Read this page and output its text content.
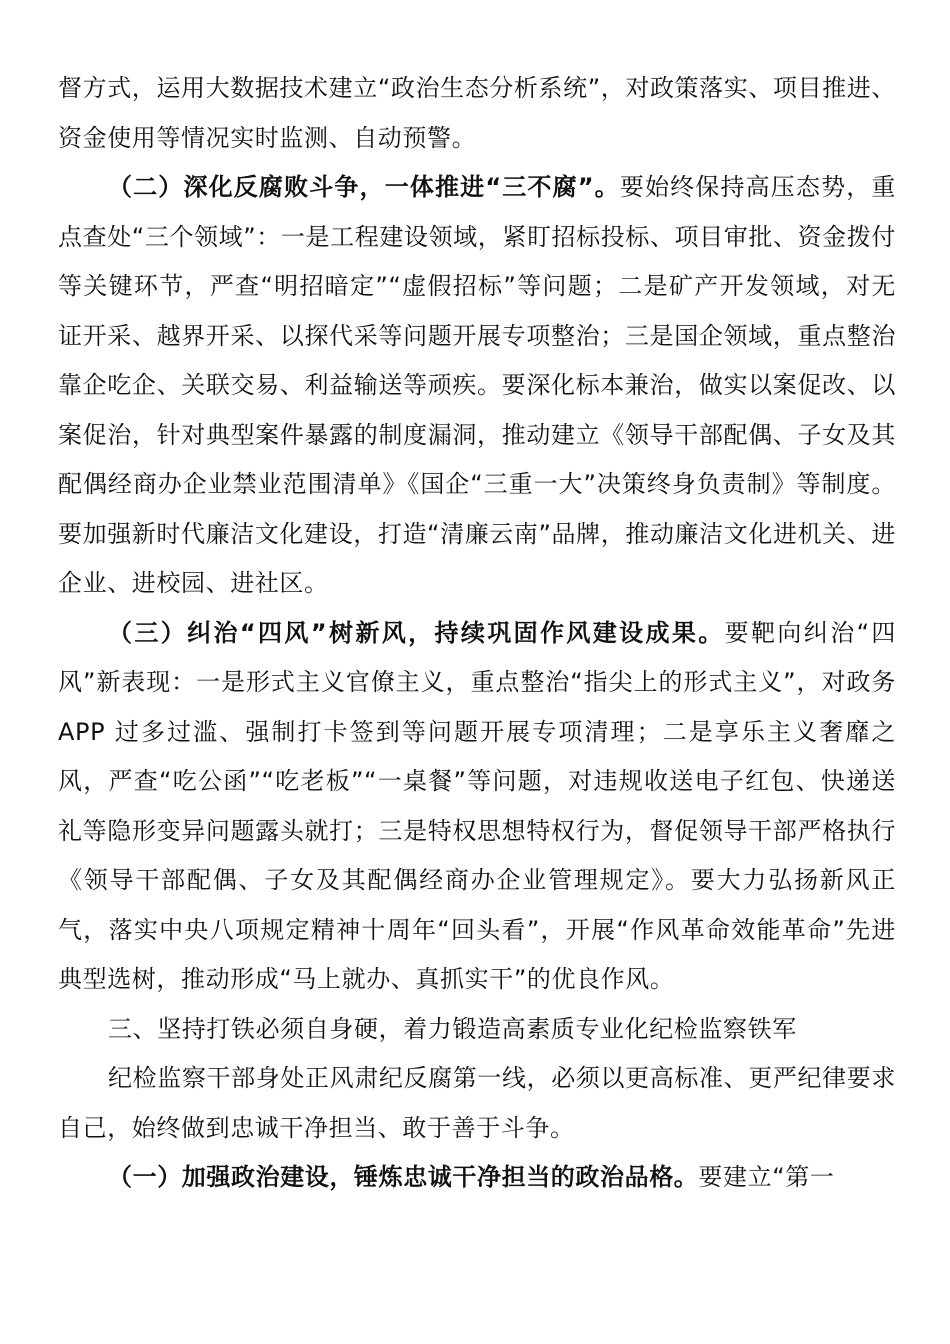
督方式，运用大数据技术建立“政治生态分析系统”，对政策落实、项目推进、资金使用等情况实时监测、自动预警。

（二）深化反腐败斗争，一体推进“三不腐”。要始终保持高压态势，重点查处“三个领域”：一是工程建设领域，紧盯招标投标、项目审批、资金拨付等关键环节，严查“明招暗定”“虚假招标”等问题；二是矿产开发领域，对无证开采、越界开采、以探代采等问题开展专项整治；三是国企领域，重点整治靠企吃企、关联交易、利益输送等顽疾。要深化标本兼治，做实以案促改、以案促治，针对典型案件暴露的制度漏洞，推动建立《领导干部配偶、子女及其配偶经商办企业禁业范围清单》《国企“三重一大”决策终身负责制》等制度。要加强新时代廉洁文化建设，打造“清廉云南”品牌，推动廉洁文化进机关、进企业、进校园、进社区。

（三）纠治“四风”树新风，持续巩固作风建设成果。要靶向纠治“四风”新表现：一是形式主义官僚主义，重点整治“指尖上的形式主义”，对政务 APP 过多过滥、强制打卡签到等问题开展专项清理；二是享乐主义奢靡之风，严查“吃公函”“吃老板”“一桌餐”等问题，对违规收送电子红包、快递送礼等隐形变异问题露头就打；三是特权思想特权行为，督促领导干部严格执行《领导干部配偶、子女及其配偶经商办企业管理规定》。要大力弘扬新风正气，落实中央八项规定精神十周年“回头看”，开展“作风革命效能革命”先进典型选树，推动形成“马上就办、真抓实干”的优良作风。

三、坚持打铁必须自身硬，着力锻造高素质专业化纪检监察铁军

纪检监察干部身处正风肃纪反腐第一线，必须以更高标准、更严纪律要求自己，始终做到忠诚干净担当、敢于善于斗争。

（一）加强政治建设，锤炼忠诚干净担当的政治品格。要建立“第一
